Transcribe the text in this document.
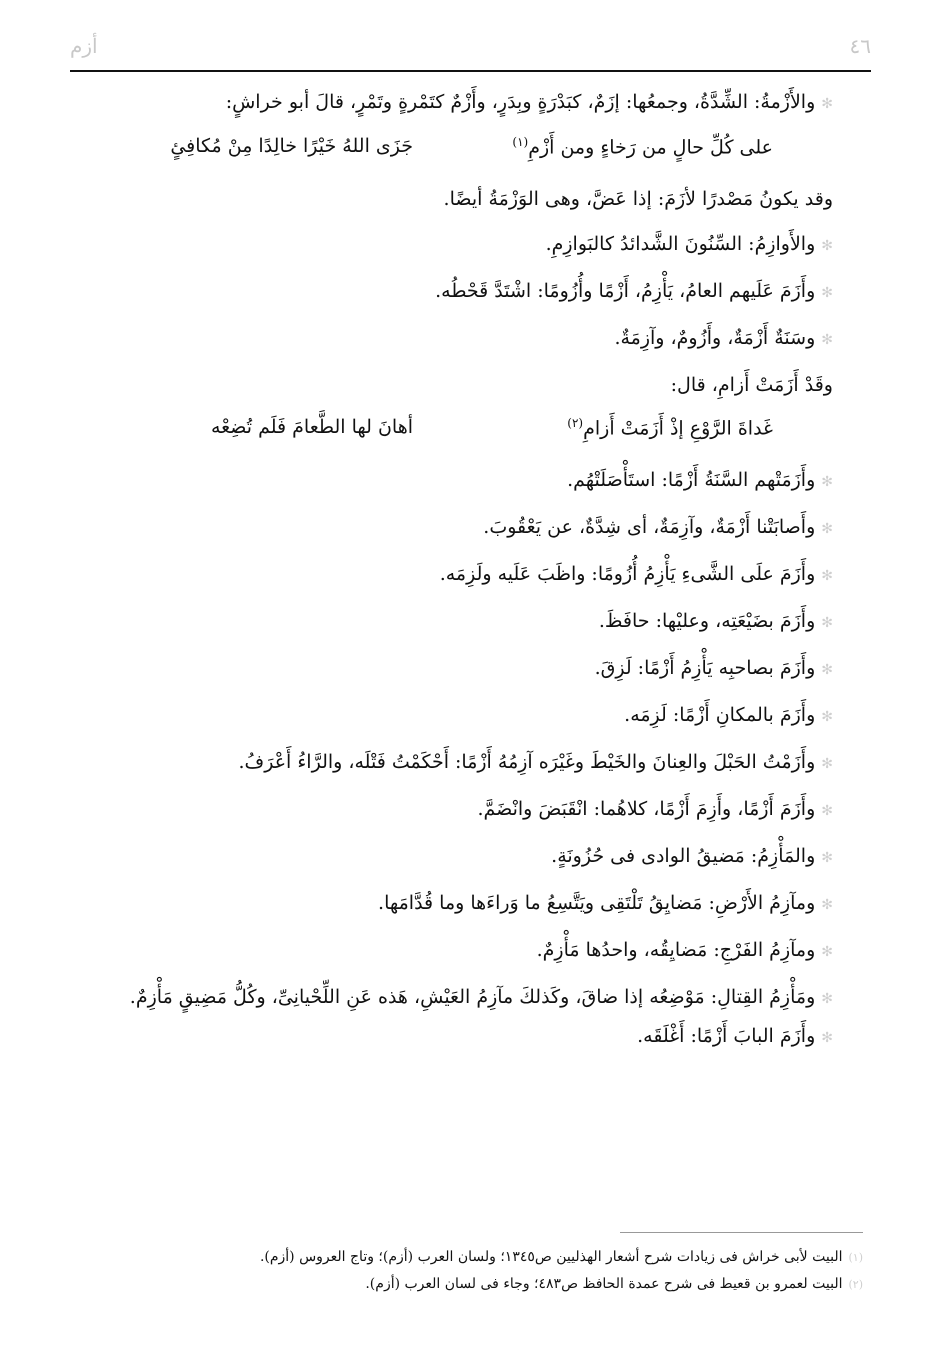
أزم	٤٦
✻والأَزْمةُ: الشِّدَّةُ، وجمعُها: إزَمٌ، كبَدْرَةٍ وبِدَرٍ، وأَزْمٌ كتَمْرةٍ وتَمْرٍ، قالَ أبو خراشٍ:
جَزَى اللهُ خَيْرًا خالِدًا مِنْ مُكافِئٍ	على كُلِّ حالٍ من رَخاءٍ ومن أَزْمِ$^{(١)}$
وقد يكونُ مَصْدرًا لأزَمَ: إذا عَضَّ، وهى الوَزْمَةُ أيضًا.
✻والأَوازِمُ: السِّنُونَ الشَّدائدُ كالبَوازِمِ.
✻وأَزَمَ عَلَيهم العامُ، يَأْزِمُ، أَزْمًا وأُزُومًا: اشْتَدَّ قَحْطُه.
✻وسَنَةٌ أَزْمَةٌ، وأَزُومٌ، وآزِمَةٌ.
وقَدْ أَزَمَتْ أَزامِ، قال:
أهانَ لها الطَّعامَ فَلَم تُضِعْه	غَداةَ الرَّوْعِ إذْ أَزَمَتْ أَزامِ$^{(٢)}$
✻وأَزَمَتْهم السَّنَةُ أَزْمًا: استَأْصَلَتْهُم.
✻وأَصابَتْنا أَزْمَةٌ، وآزِمَةٌ، أى شِدَّةٌ، عن يَعْقُوبَ.
✻وأَزَمَ علَى الشَّىءِ يَأْزِمُ أُزُومًا: واظَبَ عَلَيه ولَزِمَه.
✻وأَزَمَ بضَيْعَتِه، وعليْها: حافَظَ.
✻وأَزَمَ بصاحبِه يَأْزِمُ أَزْمًا: لَزِقَ.
✻وأَزَمَ بالمكانِ أَزْمًا: لَزِمَه.
✻وأَزَمْتُ الحَبْلَ والعِنانَ والخَيْطَ وغَيْرَه آزِمُهُ أَزْمًا: أَحْكَمْتُ فَتْلَه، والرَّاءُ أَعْرَفُ.
✻وأَزَمَ أَزْمًا، وأَزِمَ أَزْمًا، كلاهُما: انْقَبَضَ وانْضَمَّ.
✻والمَأْزِمُ: مَضيقُ الوادى فى حُزُونَةٍ.
✻ومآزِمُ الأَرْضِ: مَضايِقُ تَلْتَقِى ويَتَّسِعُ ما وَراءَها وما قُدَّامَها.
✻ومآزِمُ الفَرْجِ: مَضايِقُه، واحدُها مَأْزِمٌ.
✻ومَأْزِمُ القِتالِ: مَوْضِعُه إذا ضاقَ، وكَذلكَ مآزِمُ العَيْشِ، هَذه عَنِ اللِّحْيانِىِّ، وكُلُّ مَضِيقٍ مَأْزِمٌ.
✻وأَزَمَ البابَ أَزْمًا: أَغْلَقَه.
(١)البيت لأبى خراش فى زيادات شرح أشعار الهذليين ص١٣٤٥؛ ولسان العرب (أزم)؛ وتاج العروس (أزم).
(٢)البيت لعمرو بن قعيط فى شرح عمدة الحافظ ص٤٨٣؛ وجاء فى لسان العرب (أزم).
